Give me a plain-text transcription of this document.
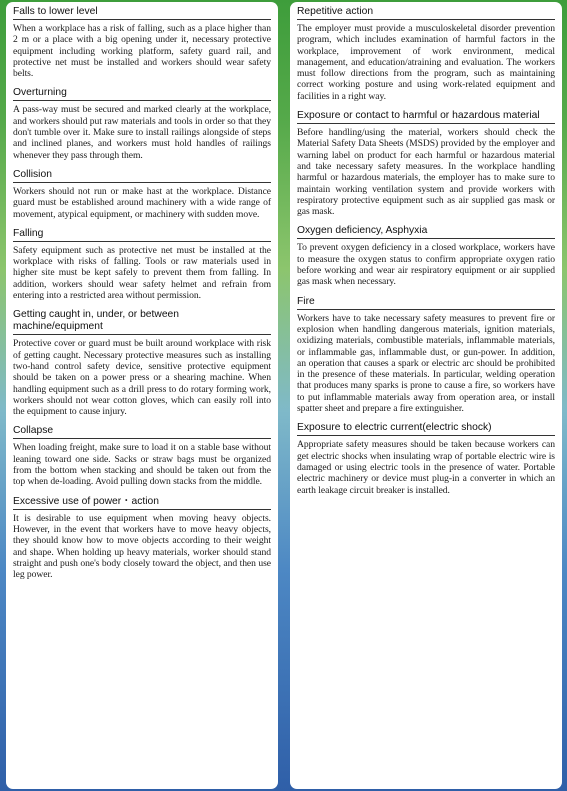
Falls to lower level

When a workplace has a risk of falling, such as a place higher than 2 m or a place with a big opening under it, necessary protective equipment including working platform, safety guard rail, and protective net must be installed and workers should wear safety belts.

Overturning

A pass-way must be secured and marked clearly at the workplace, and workers should put raw materials and tools in order so that they don't tumble over it. Make sure to install railings alongside of steps and inclined planes, and workers must hold handles of railings whenever they pass through them.

Collision

Workers should not run or make hast at the workplace. Distance guard must be established around machinery with a wide range of movement, atypical equipment, or machinery with sudden move.

Falling

Safety equipment such as protective net must be installed at the workplace with risks of falling. Tools or raw materials used in higher site must be kept safely to prevent them from falling. In addition, workers should wear safety helmet and refrain from entering into a restricted area without permission.

Getting caught in, under, or between machine/equipment

Protective cover or guard must be built around workplace with risk of getting caught. Necessary protective measures such as installing two-hand control safety device, sensitive protective equipment should be taken on a power press or a shearing machine. When handling equipment such as a drill press to do rotary forming work, workers should not wear cotton gloves, which can easily roll into the equipment to cause injury.

Collapse

When loading freight, make sure to load it on a stable base without leaning toward one side. Sacks or straw bags must be organized from the bottom when stacking and should be taken out from the top when de-loading. Avoid pulling down stacks from the middle.

Excessive use of power・action

It is desirable to use equipment when moving heavy objects. However, in the event that workers have to move heavy objects, they should know how to move objects according to their weight and shape. When holding up heavy materials, worker should stand straight and push one's body closely toward the object, and then use leg power.

Repetitive action

The employer must provide a musculoskeletal disorder prevention program, which includes examination of harmful factors in the workplace, improvement of work environment, medical management, and education/atraining and evaluation. The workers must follow directions from the program, such as maintaining correct working posture and using work-related equipment and facilities in a right way.

Exposure or contact to harmful or hazardous material

Before handling/using the material, workers should check the Material Safety Data Sheets (MSDS) provided by the employer and warning label on product for each harmful or hazardous material and take necessary safety measures. In the workplace handling harmful or hazardous materials, the employer has to make sure to maintain working ventilation system and provide workers with respiratory protective equipment such as air supplied gas mask or gas mask.

Oxygen deficiency, Asphyxia

To prevent oxygen deficiency in a closed workplace, workers have to measure the oxygen status to confirm appropriate oxygen ratio before working and wear air respiratory equipment or air supplied gas mask when necessary.

Fire

Workers have to take necessary safety measures to prevent fire or explosion when handling dangerous materials, ignition materials, oxidizing materials, combustible materials, inflammable materials, or inflammable gas, inflammable dust, or gun-power. In addition, an operation that causes a spark or electric arc should be prohibited in the presence of these materials. In particular, welding operation that produces many sparks is prone to cause a fire, so workers have to put inflammable materials away from operation area, or install spatter sheet and prepare a fire extinguisher.

Exposure to electric current(electric shock)

Appropriate safety measures should be taken because workers can get electric shocks when insulating wrap of portable electric wire is damaged or using electric tools in the presence of water. Portable electric machinery or device must plug-in a converter in which an earth leakage circuit breaker is installed.
